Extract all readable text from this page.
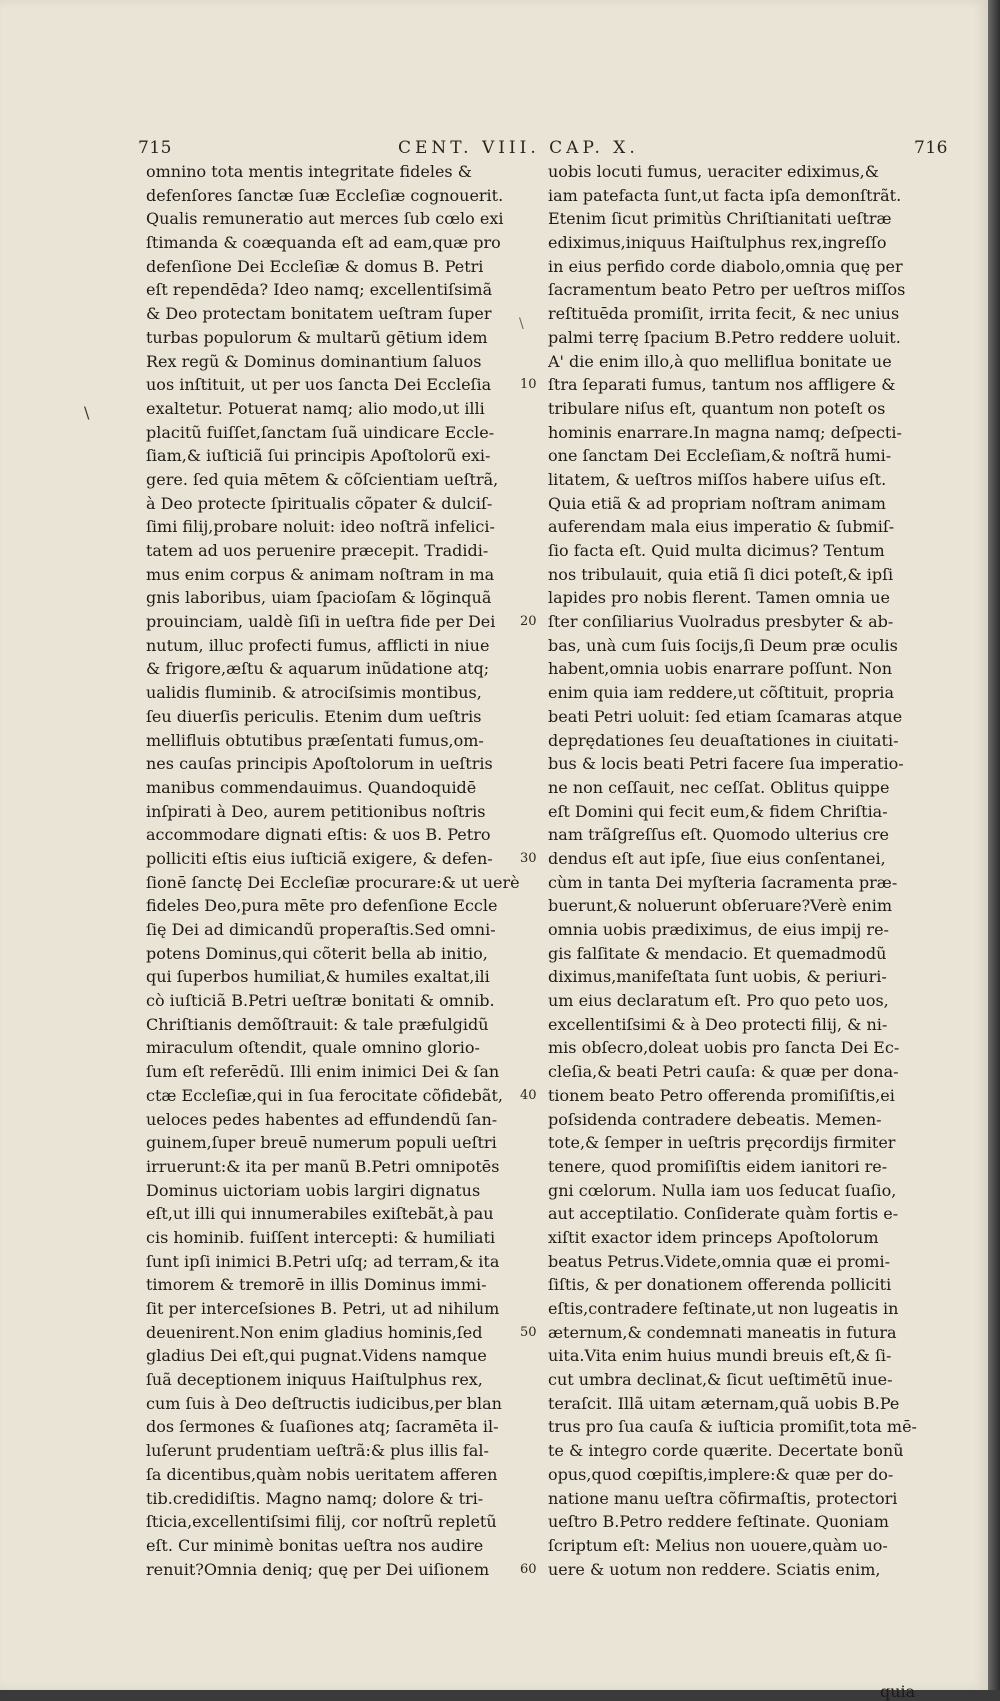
715	CENT. VIII. CAP. X.	716
\
\
omnino tota mentis integritate fideles &
defenſores ſanctæ ſuæ Eccleſiæ cognouerit.
Qualis remuneratio aut merces ſub cœlo exi
ſtimanda & coæquanda eſt ad eam,quæ pro
defenſione Dei Eccleſiæ & domus B. Petri
eſt rependēda? Ideo namq; excellentiſsimã
& Deo protectam bonitatem ueſtram ſuper
turbas populorum & multarũ gētium idem
Rex regũ & Dominus dominantium ſaluos
uos inſtituit, ut per uos ſancta Dei Eccleſia
exaltetur. Potuerat namq; alio modo,ut illi
placitũ fuiſſet,ſanctam ſuã uindicare Eccle-
ſiam,& iuſticiã ſui principis Apoſtolorũ exi-
gere. ſed quia mētem & cõſcientiam ueſtrã,
à Deo protecte ſpiritualis cõpater & dulciſ-
ſimi filij,probare noluit: ideo noſtrã infelici-
tatem ad uos peruenire præcepit. Tradidi-
mus enim corpus & animam noſtram in ma
gnis laboribus, uiam ſpacioſam & lõginquã
prouinciam, ualdè ſiſi in ueſtra fide per Dei
nutum, illuc profecti fumus, afflicti in niue
& frigore,æſtu & aquarum inũdatione atq;
ualidis fluminib. & atrociſsimis montibus,
ſeu diuerſis periculis. Etenim dum ueſtris
mellifluis obtutibus præſentati fumus,om-
nes cauſas principis Apoſtolorum in ueſtris
manibus commendauimus. Quandoquidē
inſpirati à Deo, aurem petitionibus noſtris
accommodare dignati eſtis: & uos B. Petro
polliciti eſtis eius iuſticiã exigere, & defen-
ſionē ſanctę Dei Eccleſiæ procurare:& ut uerè
fideles Deo,pura mēte pro defenſione Eccle
ſię Dei ad dimicandũ properaſtis.Sed omni-
potens Dominus,qui cõterit bella ab initio,
qui ſuperbos humiliat,& humiles exaltat,ili
cò iuſticiã B.Petri ueſtræ bonitati & omnib.
Chriſtianis demõſtrauit: & tale præfulgidũ
miraculum oſtendit, quale omnino glorio-
ſum eſt referēdũ. Illi enim inimici Dei & ſan
ctæ Eccleſiæ,qui in ſua ferocitate cõfidebãt,
ueloces pedes habentes ad effundendũ ſan-
guinem,ſuper breuē numerum populi ueſtri
irruerunt:& ita per manũ B.Petri omnipotēs
Dominus uictoriam uobis largiri dignatus
eſt,ut illi qui innumerabiles exiſtebãt,à pau
cis hominib. fuiſſent intercepti: & humiliati
ſunt ipſi inimici B.Petri uſq; ad terram,& ita
timorem & tremorē in illis Dominus immi-
ſit per interceſsiones B. Petri, ut ad nihilum
deuenirent.Non enim gladius hominis,ſed
gladius Dei eſt,qui pugnat.Videns namque
ſuã deceptionem iniquus Haiſtulphus rex,
cum ſuis à Deo deſtructis iudicibus,per blan
dos ſermones & ſuaſiones atq; ſacramēta il-
luſerunt prudentiam ueſtrã:& plus illis fal-
ſa dicentibus,quàm nobis ueritatem afferen
tib.credidiſtis. Magno namq; dolore & tri-
ſticia,excellentiſsimi filij, cor noſtrũ repletũ
eſt. Cur minimè bonitas ueſtra nos audire
renuit?Omnia deniq; quę per Dei uiſionem
10
20
30
40
50
60
uobis locuti fumus, ueraciter ediximus,&
iam patefacta ſunt,ut facta ipſa demonſtrãt.
Etenim ſicut primitùs Chriſtianitati ueſtræ
ediximus,iniquus Haiſtulphus rex,ingreſſo
in eius perfido corde diabolo,omnia quę per
ſacramentum beato Petro per ueſtros miſſos
reſtituēda promiſit, irrita fecit, & nec unius
palmi terrę ſpacium B.Petro reddere uoluit.
A' die enim illo,à quo melliflua bonitate ue
ſtra ſeparati fumus, tantum nos affligere &
tribulare niſus eſt, quantum non poteſt os
hominis enarrare.In magna namq; deſpecti-
one ſanctam Dei Eccleſiam,& noſtrã humi-
litatem, & ueſtros miſſos habere uiſus eſt.
Quia etiã & ad propriam noſtram animam
auferendam mala eius imperatio & ſubmiſ-
ſio facta eſt. Quid multa dicimus? Tentum
nos tribulauit, quia etiã ſi dici poteſt,& ipſi
lapides pro nobis flerent. Tamen omnia ue
ſter conſiliarius Vuolradus presbyter & ab-
bas, unà cum ſuis ſocijs,ſi Deum præ oculis
habent,omnia uobis enarrare poſſunt. Non
enim quia iam reddere,ut cõſtituit, propria
beati Petri uoluit: ſed etiam ſcamaras atque
deprędationes ſeu deuaſtationes in ciuitati-
bus & locis beati Petri facere ſua imperatio-
ne non ceſſauit, nec ceſſat. Oblitus quippe
eſt Domini qui fecit eum,& fidem Chriſtia-
nam trãſgreſſus eſt. Quomodo ulterius cre
dendus eſt aut ipſe, ſiue eius conſentanei,
cùm in tanta Dei myſteria ſacramenta præ-
buerunt,& noluerunt obſeruare?Verè enim
omnia uobis prædiximus, de eius impij re-
gis falſitate & mendacio. Et quemadmodũ
diximus,manifeſtata ſunt uobis, & periuri-
um eius declaratum eſt. Pro quo peto uos,
excellentiſsimi & à Deo protecti filij, & ni-
mis obſecro,doleat uobis pro ſancta Dei Ec-
cleſia,& beati Petri cauſa: & quæ per dona-
tionem beato Petro offerenda promiſiſtis,ei
poſsidenda contradere debeatis. Memen-
tote,& ſemper in ueſtris pręcordijs firmiter
tenere, quod promiſiſtis eidem ianitori re-
gni cœlorum. Nulla iam uos ſeducat ſuaſio,
aut acceptilatio. Conſiderate quàm fortis e-
xiſtit exactor idem princeps Apoſtolorum
beatus Petrus.Videte,omnia quæ ei promi-
ſiſtis, & per donationem offerenda polliciti
eſtis,contradere feſtinate,ut non lugeatis in
æternum,& condemnati maneatis in futura
uita.Vita enim huius mundi breuis eſt,& ſi-
cut umbra declinat,& ſicut ueſtimētũ inue-
teraſcit. Illã uitam æternam,quã uobis B.Pe
trus pro ſua cauſa & iuſticia promiſit,tota mē-
te & integro corde quærite. Decertate bonũ
opus,quod cœpiſtis,implere:& quæ per do-
natione manu ueſtra cõfirmaſtis, protectori
ueſtro B.Petro reddere feſtinate. Quoniam
ſcriptum eſt: Melius non uouere,quàm uo-
uere & uotum non reddere. Sciatis enim,
quia
